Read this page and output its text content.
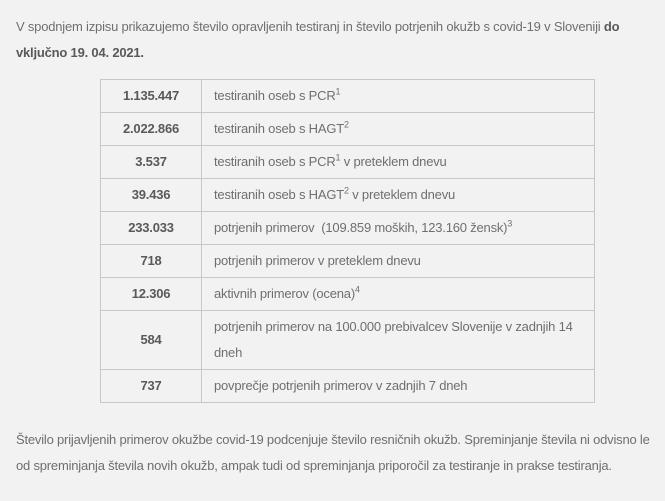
V spodnjem izpisu prikazujemo število opravljenih testiranj in število potrjenih okužb s covid-19 v Sloveniji do vključno 19. 04. 2021.

1.135.447	testiranih oseb s PCR$^1$
2.022.866	testiranih oseb s HAGT$^2$
3.537	testiranih oseb s PCR$^1$ v preteklem dnevu
39.436	testiranih oseb s HAGT$^2$ v preteklem dnevu
233.033	potrjenih primerov  (109.859 moških, 123.160 žensk)$^3$
718	potrjenih primerov v preteklem dnevu
12.306	aktivnih primerov (ocena)$^4$
584	potrjenih primerov na 100.000 prebivalcev Slovenije v zadnjih 14 dneh
737	povprečje potrjenih primerov v zadnjih 7 dneh

Število prijavljenih primerov okužbe covid-19 podcenjuje število resničnih okužb. Spreminjanje števila ni odvisno le od spreminjanja števila novih okužb, ampak tudi od spreminjanja priporočil za testiranje in prakse testiranja.
